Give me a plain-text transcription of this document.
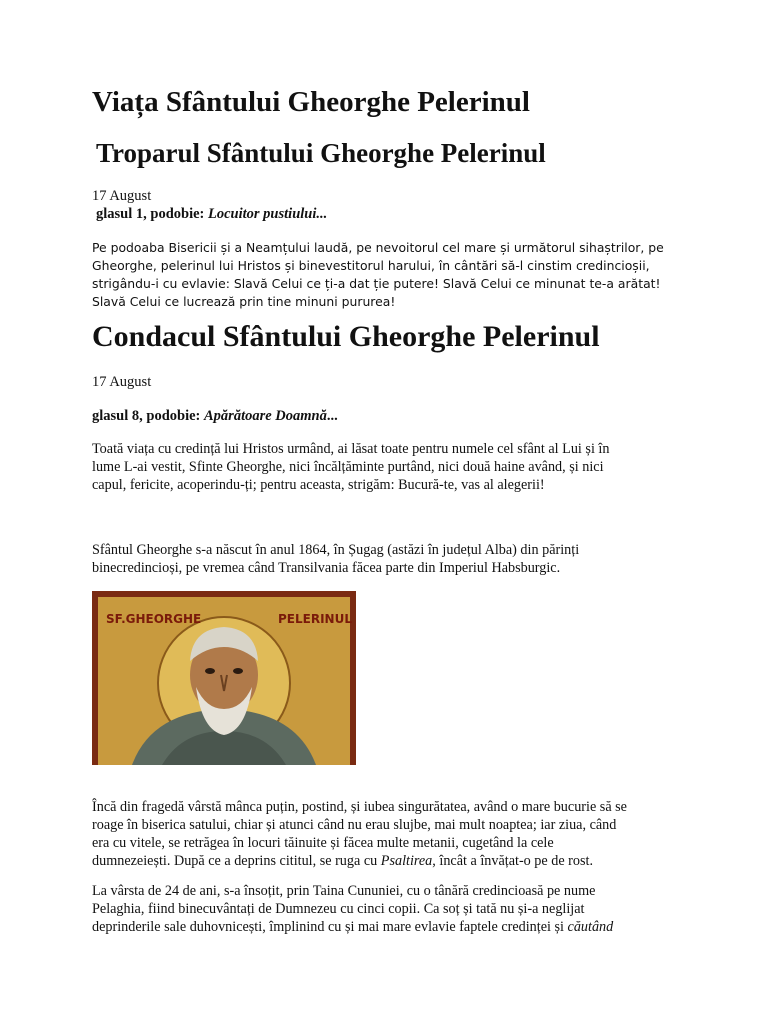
Viața Sfântului Gheorghe Pelerinul
Troparul Sfântului Gheorghe Pelerinul
17 August
glasul 1, podobie: Locuitor pustiului...
Pe podoaba Bisericii și a Neamțului laudă, pe nevoitorul cel mare și următorul sihaștrilor, pe
Gheorghe, pelerinul lui Hristos și binevestitorul harului, în cântări să-l cinstim credincioșii,
strigându-i cu evlavie: Slavă Celui ce ți-a dat ție putere! Slavă Celui ce minunat te-a arătat!
Slavă Celui ce lucrează prin tine minuni pururea!
Condacul Sfântului Gheorghe Pelerinul
17 August
glasul 8, podobie: Apărătoare Doamnă...
Toată viața cu credință lui Hristos urmând, ai lăsat toate pentru numele cel sfânt al Lui și în
lume L-ai vestit, Sfinte Gheorghe, nici încălțăminte purtând, nici două haine având, și nici
capul, fericite, acoperindu-ți; pentru aceasta, strigăm: Bucură-te, vas al alegerii!
Sfântul Gheorghe s-a născut în anul 1864, în Șugag (astăzi în județul Alba) din părinți
binecredincioși, pe vremea când Transilvania făcea parte din Imperiul Habsburgic.
SF.GHEORGHE	PELERINUL
Încă din fragedă vârstă mânca puțin, postind, și iubea singurătatea, având o mare bucurie să se
roage în biserica satului, chiar și atunci când nu erau slujbe, mai mult noaptea; iar ziua, când
era cu vitele, se retrăgea în locuri tăinuite și făcea multe metanii, cugetând la cele
dumnezeiești. După ce a deprins cititul, se ruga cu Psaltirea, încât a învățat-o pe de rost.
La vârsta de 24 de ani, s-a însoțit, prin Taina Cununiei, cu o tânără credincioasă pe nume
Pelaghia, fiind binecuvântați de Dumnezeu cu cinci copii. Ca soț și tată nu și-a neglijat
deprinderile sale duhovnicești, împlinind cu și mai mare evlavie faptele credinței și căutând
